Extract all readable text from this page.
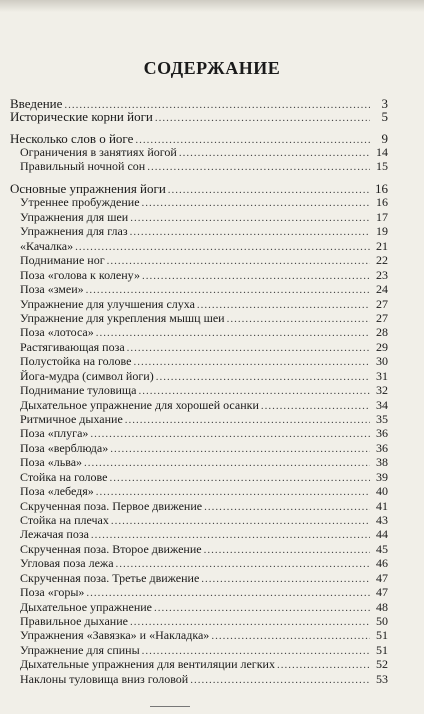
СОДЕРЖАНИЕ
Введение .....	3
Исторические корни йоги .....	5
Несколько слов о йоге .....	9
Ограничения в занятиях йогой .....	14
Правильный ночной сон .....	15
Основные упражнения йоги .....	16
Утреннее пробуждение .....	16
Упражнения для шеи .....	17
Упражнения для глаз .....	19
«Качалка» .....	21
Поднимание ног .....	22
Поза «голова к колену» .....	23
Поза «змеи» .....	24
Упражнение для улучшения слуха .....	27
Упражнение для укрепления мышц шеи .....	27
Поза «лотоса» .....	28
Растягивающая поза .....	29
Полустойка на голове .....	30
Йога-мудра (символ йоги) .....	31
Поднимание туловища .....	32
Дыхательное упражнение для хорошей осанки .....	34
Ритмичное дыхание .....	35
Поза «плуга» .....	36
Поза «верблюда» .....	36
Поза «льва» .....	38
Стойка на голове .....	39
Поза «лебедя» .....	40
Скрученная поза. Первое движение .....	41
Стойка на плечах .....	43
Лежачая поза .....	44
Скрученная поза. Второе движение .....	45
Угловая поза лежа .....	46
Скрученная поза. Третье движение .....	47
Поза «горы» .....	47
Дыхательное упражнение .....	48
Правильное дыхание .....	50
Упражнения «Завязка» и «Накладка» .....	51
Упражнение для спины .....	51
Дыхательные упражнения для вентиляции легких .....	52
Наклоны туловища вниз головой .....	53
